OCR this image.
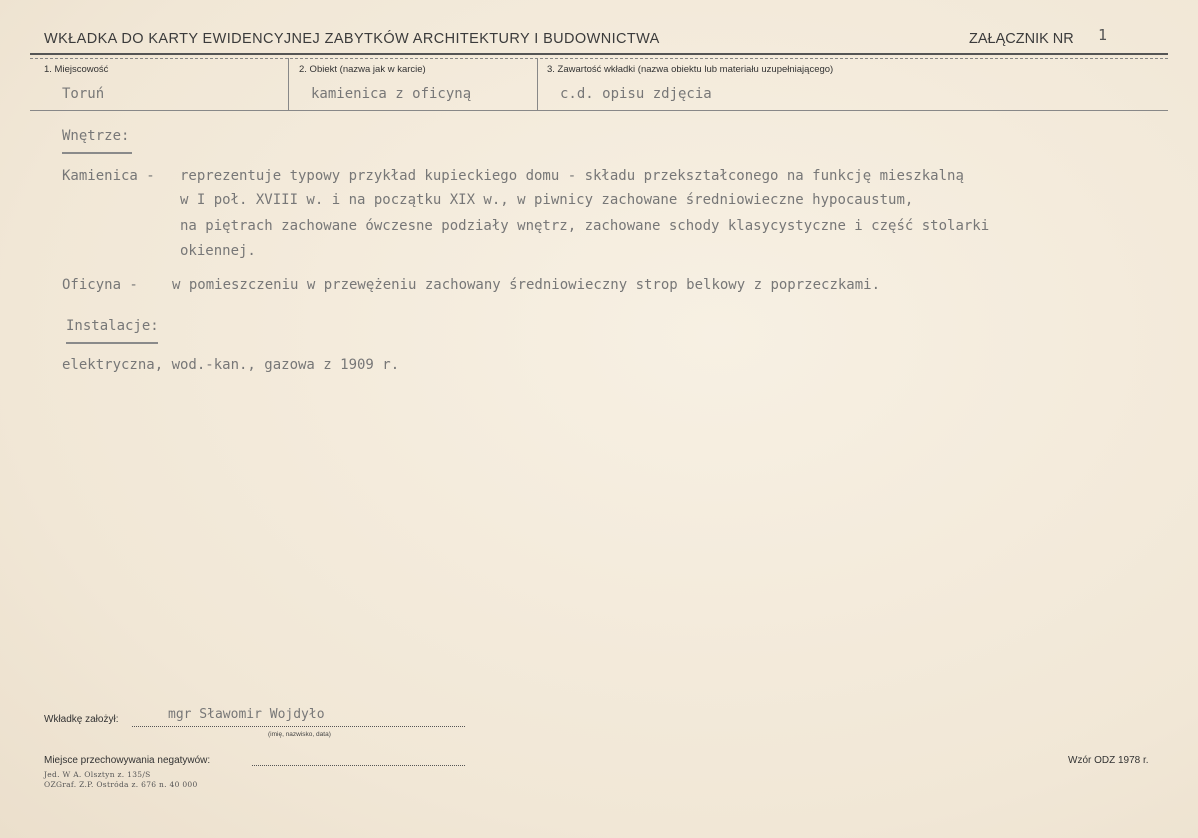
WKŁADKA DO KARTY EWIDENCYJNEJ ZABYTKÓW ARCHITEKTURY I BUDOWNICTWA	ZAŁĄCZNIK NR 1
1. Miejscowość	2. Obiekt (nazwa jak w karcie)	3. Zawartość wkładki (nazwa obiektu lub materiału uzupełniającego)
Toruń	kamienica z oficyną	c.d. opisu zdjęcia
Wnętrze:
Kamienica - reprezentuje typowy przykład kupieckiego domu - składu przekształconego na funkcję mieszkalną
w I poł. XVIII w. i na początku XIX w., w piwnicy zachowane średniowieczne hypocaustum,
na piętrach zachowane ówczesne podziały wnętrz, zachowane schody klasycystyczne i część stolarki
okiennej.
Oficyna - w pomieszczeniu w przewężeniu zachowany średniowieczny strop belkowy z poprzeczkami.
Instalacje:
elektryczna, wod.-kan., gazowa z 1909 r.
Wkładkę założył:	mgr Sławomir Wojdyło
(imię, nazwisko, data)
Miejsce przechowywania negatywów:
Jed. W A. Olsztyn z. 135/S
OZGraf. Z.P. Ostróda z. 676 n. 40 000
Wzór ODZ 1978 r.
